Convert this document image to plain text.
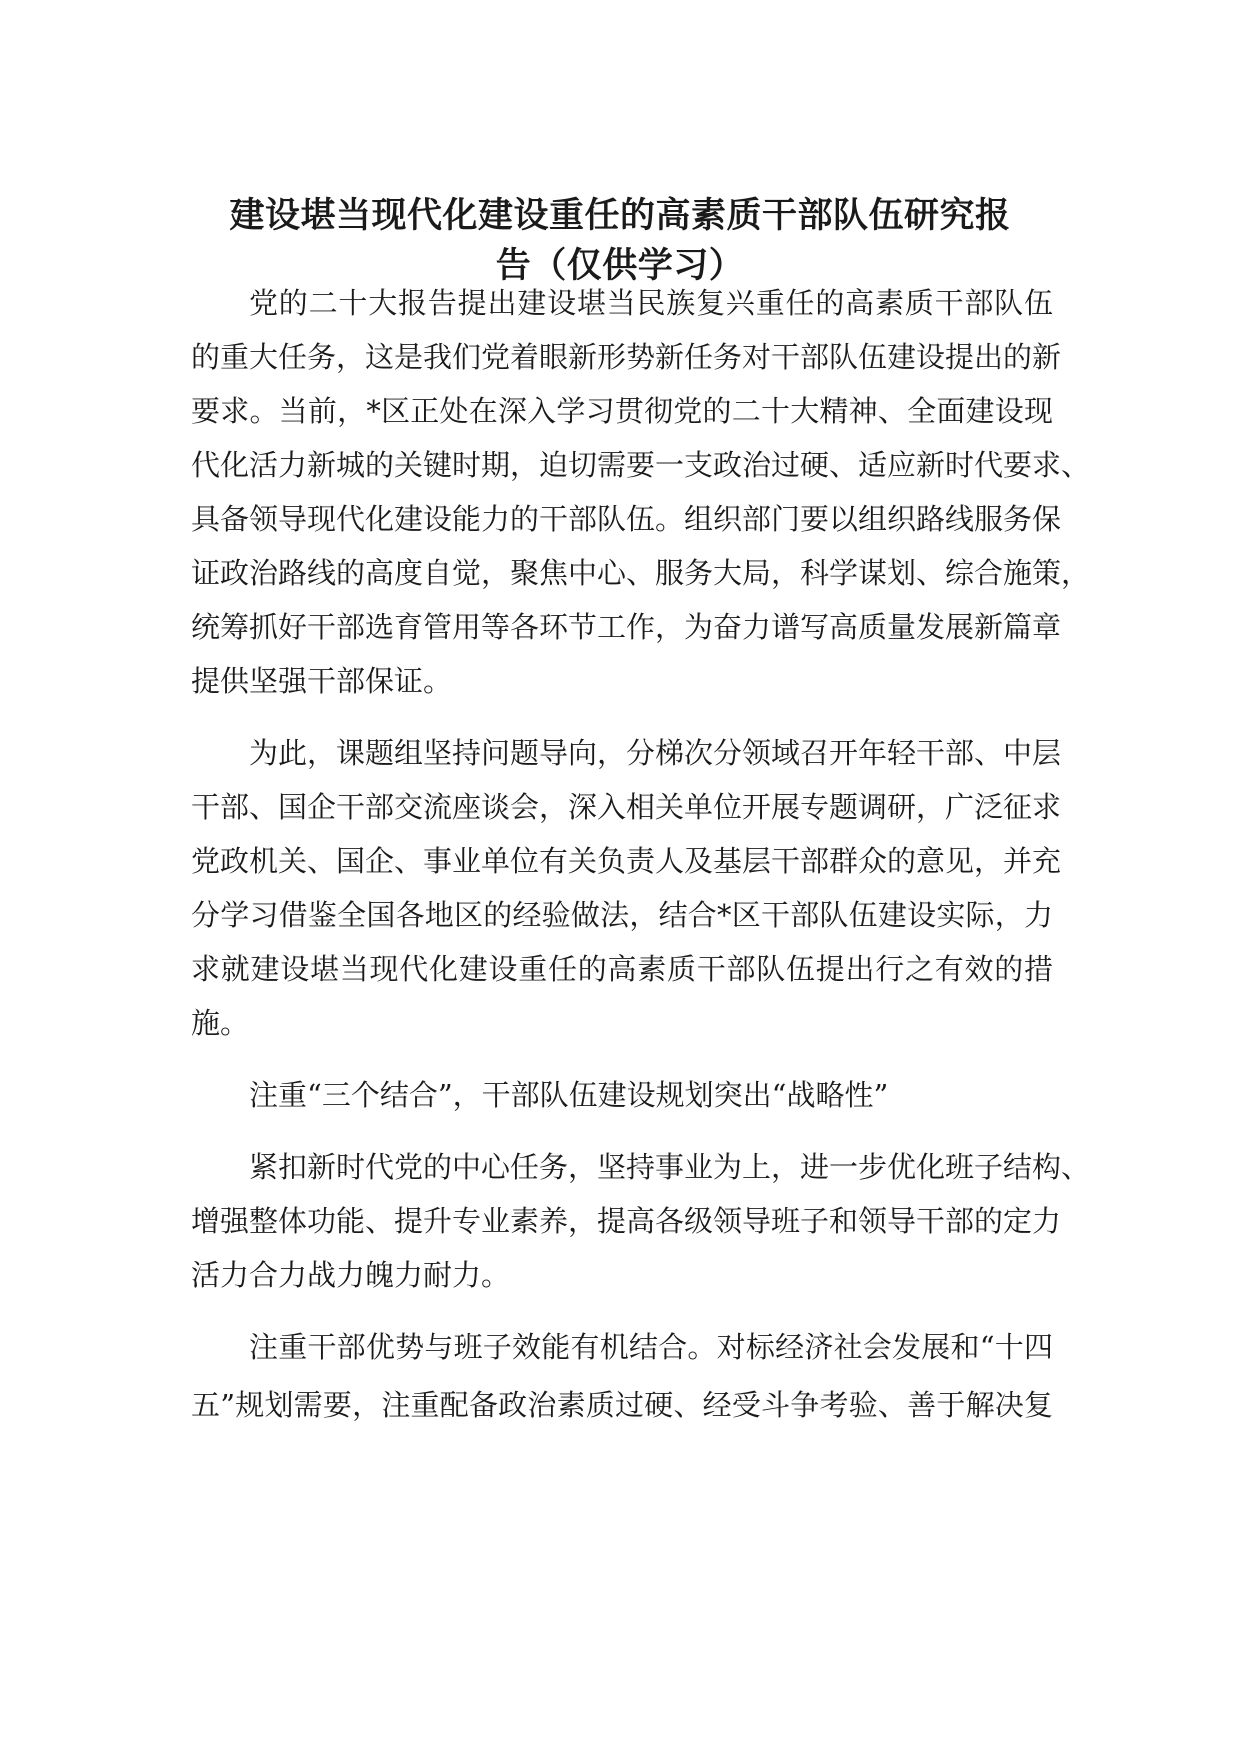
建设堪当现代化建设重任的高素质干部队伍研究报
告（仅供学习）

党的二十大报告提出建设堪当民族复兴重任的高素质干部队伍

的重大任务，这是我们党着眼新形势新任务对干部队伍建设提出的新

要求。当前，*区正处在深入学习贯彻党的二十大精神、全面建设现

代化活力新城的关键时期，迫切需要一支政治过硬、适应新时代要求、

具备领导现代化建设能力的干部队伍。组织部门要以组织路线服务保

证政治路线的高度自觉，聚焦中心、服务大局，科学谋划、综合施策，

统筹抓好干部选育管用等各环节工作，为奋力谱写高质量发展新篇章

提供坚强干部保证。

为此，课题组坚持问题导向，分梯次分领域召开年轻干部、中层

干部、国企干部交流座谈会，深入相关单位开展专题调研，广泛征求

党政机关、国企、事业单位有关负责人及基层干部群众的意见，并充

分学习借鉴全国各地区的经验做法，结合*区干部队伍建设实际，力

求就建设堪当现代化建设重任的高素质干部队伍提出行之有效的措

施。

注重“三个结合”，干部队伍建设规划突出“战略性”

紧扣新时代党的中心任务，坚持事业为上，进一步优化班子结构、

增强整体功能、提升专业素养，提高各级领导班子和领导干部的定力

活力合力战力魄力耐力。

注重干部优势与班子效能有机结合。对标经济社会发展和“十四

五”规划需要，注重配备政治素质过硬、经受斗争考验、善于解决复
